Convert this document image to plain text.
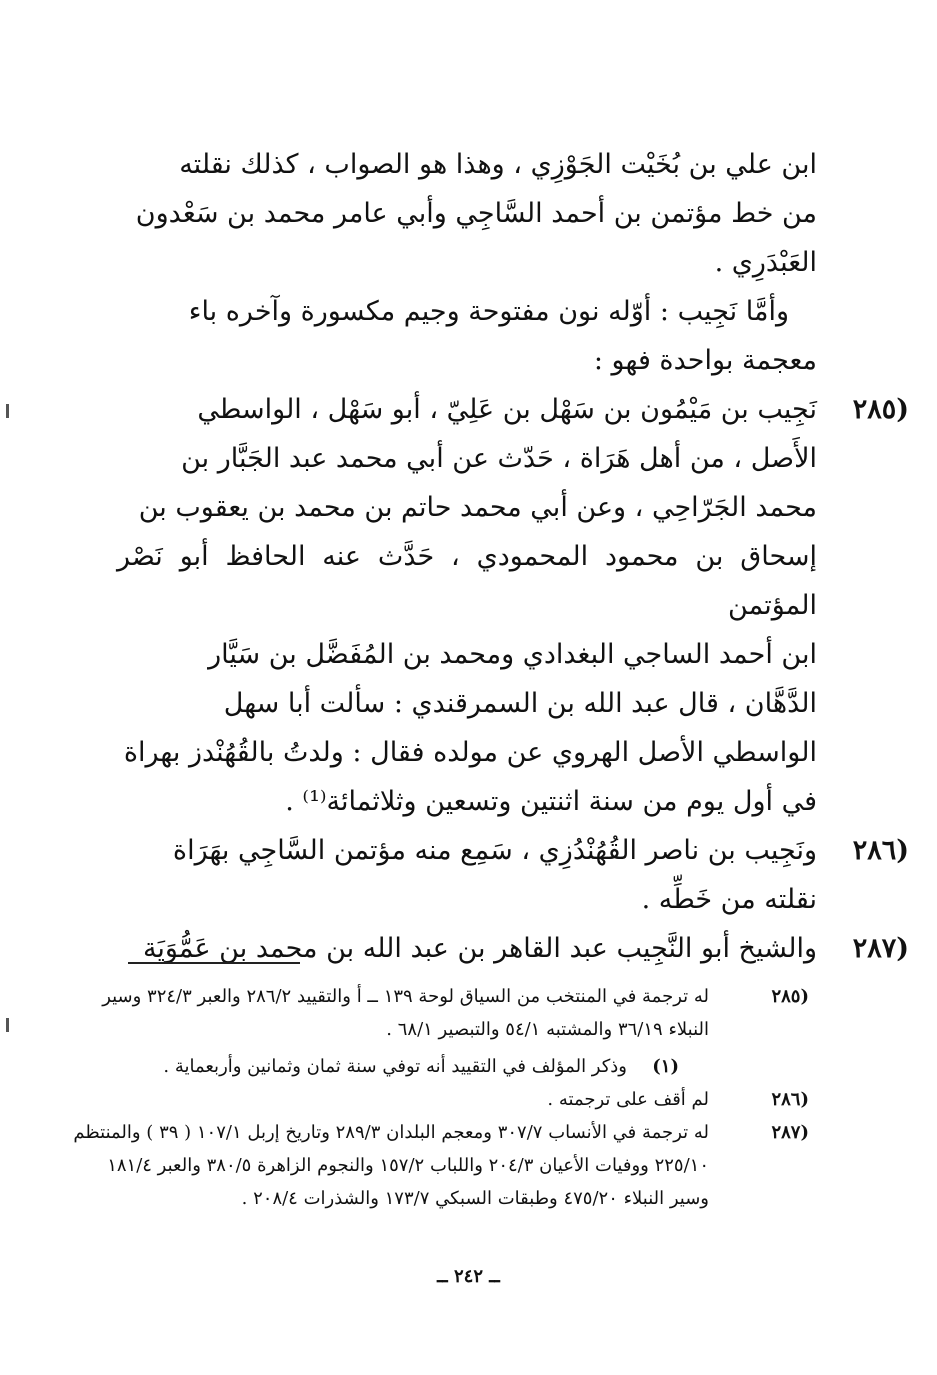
ابن علي بن بُخَيْت الجَوْزِي ، وهذا هو الصواب ، كذلك نقلته

من خط مؤتمن بن أحمد السَّاجِي وأبي عامر محمد بن سَعْدون

العَبْدَرِي .

وأمَّا نَجِيب : أوّله نون مفتوحة وجيم مكسورة وآخره باء

معجمة بواحدة فهو :

(٢٨٥

نَجِيب بن مَيْمُون بن سَهْل بن عَلِيّ ، أبو سَهْل ، الواسطي

الأَصل ، من أهل هَرَاة ، حَدّث عن أبي محمد عبد الجَبَّار بن

محمد الجَرّاحِي ، وعن أبي محمد حاتم بن محمد بن يعقوب بن

إسحاق بن محمود المحمودي ، حَدَّث عنه الحافظ أبو نَصْر المؤتمن

ابن أحمد الساجي البغدادي ومحمد بن المُفَضَّل بن سَيَّار

الدَّهَّان ، قال عبد الله بن السمرقندي : سألت أبا سهل

الواسطي الأصل الهروي عن مولده فقال : ولدتُ بالقُهُنْدز بهراة

في أول يوم من سنة اثنتين وتسعين وثلاثمائة⁽¹⁾ .

(٢٨٦

ونَجِيب بن ناصر القُهُنْدُزِي ، سَمِع منه مؤتمن السَّاجِي بهَرَاة

نقلته من خَطِّه .

(٢٨٧

والشيخ أبو النَّجِيب عبد القاهر بن عبد الله بن محمد بن عَمُّوَيَة

(٢٨٥

له ترجمة في المنتخب من السياق لوحة ١٣٩ ــ أ والتقييد ٢٨٦/٢ والعبر ٣٢٤/٣ وسير

النبلاء ٣٦/١٩ والمشتبه ٥٤/١ والتبصير ٦٨/١ .

(١)

وذكر المؤلف في التقييد أنه توفي سنة ثمان وثمانين وأربعماية .

(٢٨٦

لم أقف على ترجمته .

(٢٨٧

له ترجمة في الأنساب ٣٠٧/٧ ومعجم البلدان ٢٨٩/٣ وتاريخ إربل ١٠٧/١ ( ٣٩ ) والمنتظم

٢٢٥/١٠ ووفيات الأعيان ٢٠٤/٣ واللباب ١٥٧/٢ والنجوم الزاهرة ٣٨٠/٥ والعبر ١٨١/٤

وسير النبلاء ٤٧٥/٢٠ وطبقات السبكي ١٧٣/٧ والشذرات ٢٠٨/٤ .

ــ ٢٤٢ ــ
